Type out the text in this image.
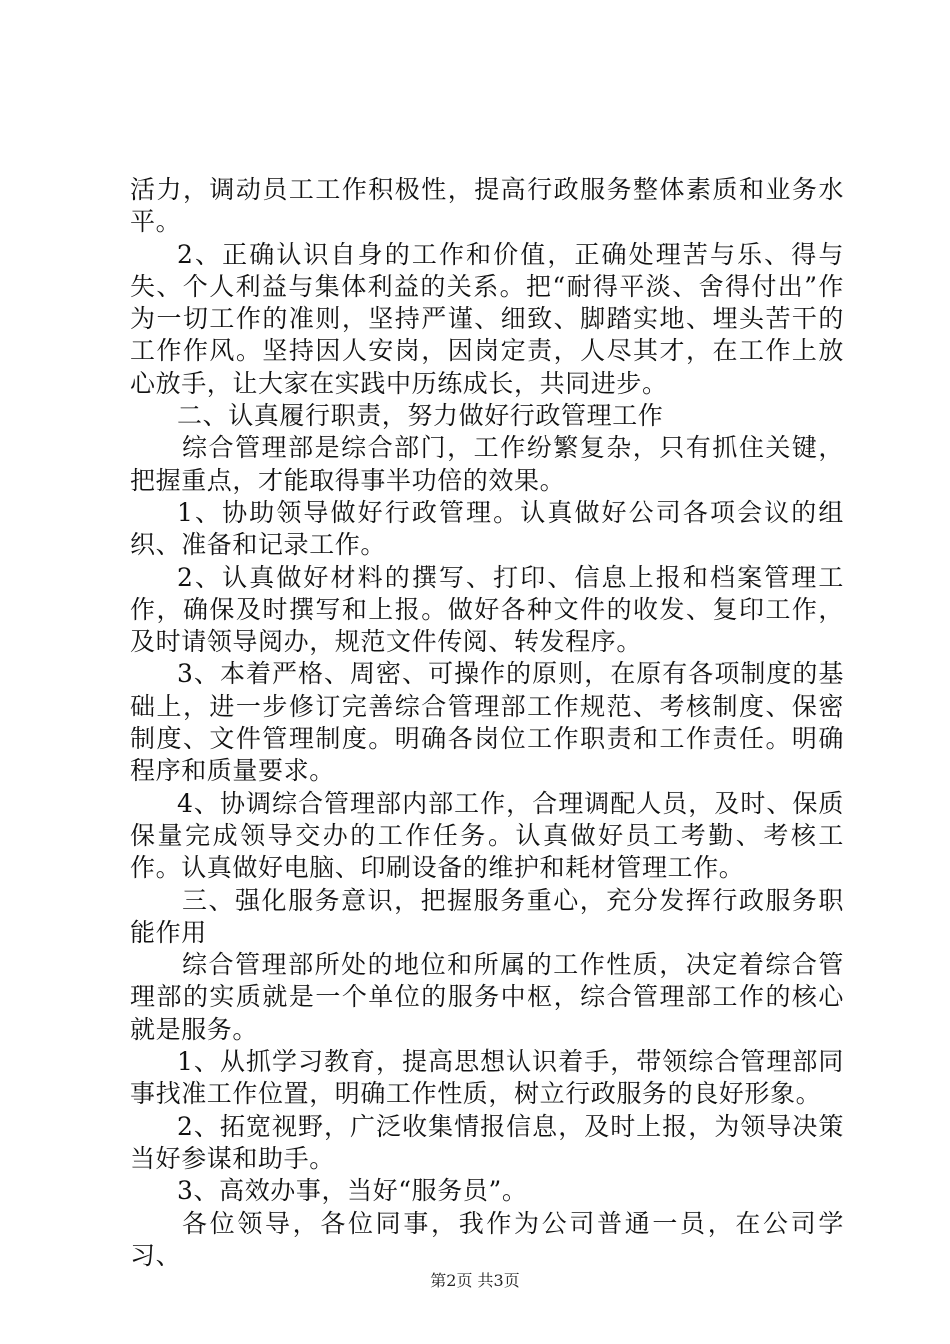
活力，调动员工工作积极性，提高行政服务整体素质和业务水平。

2、正确认识自身的工作和价值，正确处理苦与乐、得与失、个人利益与集体利益的关系。把“耐得平淡、舍得付出”作为一切工作的准则，坚持严谨、细致、脚踏实地、埋头苦干的工作作风。坚持因人安岗，因岗定责，人尽其才，在工作上放心放手，让大家在实践中历练成长，共同进步。

二、认真履行职责，努力做好行政管理工作

综合管理部是综合部门，工作纷繁复杂，只有抓住关键，把握重点，才能取得事半功倍的效果。

1、协助领导做好行政管理。认真做好公司各项会议的组织、准备和记录工作。

2、认真做好材料的撰写、打印、信息上报和档案管理工作，确保及时撰写和上报。做好各种文件的收发、复印工作，及时请领导阅办，规范文件传阅、转发程序。

3、本着严格、周密、可操作的原则，在原有各项制度的基础上，进一步修订完善综合管理部工作规范、考核制度、保密制度、文件管理制度。明确各岗位工作职责和工作责任。明确程序和质量要求。

4、协调综合管理部内部工作，合理调配人员，及时、保质保量完成领导交办的工作任务。认真做好员工考勤、考核工作。认真做好电脑、印刷设备的维护和耗材管理工作。

三、强化服务意识，把握服务重心，充分发挥行政服务职能作用

综合管理部所处的地位和所属的工作性质，决定着综合管理部的实质就是一个单位的服务中枢，综合管理部工作的核心就是服务。

1、从抓学习教育，提高思想认识着手，带领综合管理部同事找准工作位置，明确工作性质，树立行政服务的良好形象。

2、拓宽视野，广泛收集情报信息，及时上报，为领导决策当好参谋和助手。

3、高效办事，当好“服务员”。

各位领导，各位同事，我作为公司普通一员，在公司学习、

第2页 共3页
